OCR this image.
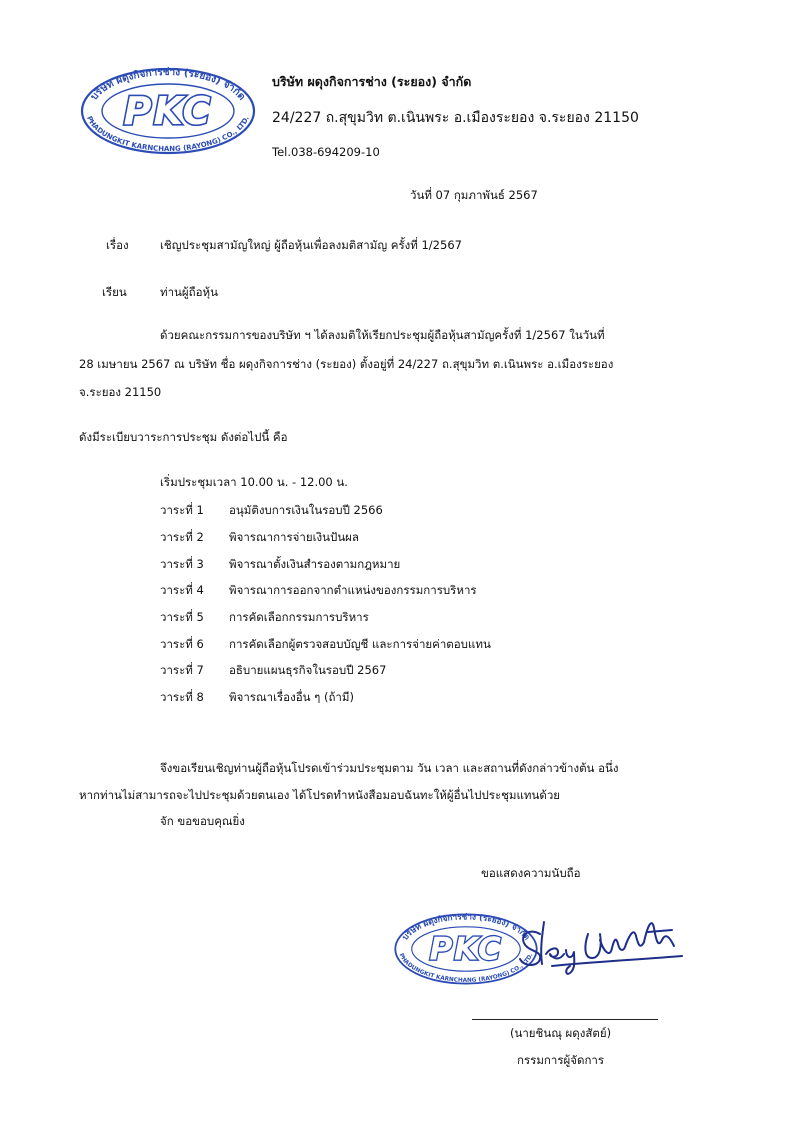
บริษัท ผดุงกิจการช่าง (ระยอง) จำกัด
PHADUNGKIT KARNCHANG (RAYONG) CO., LTD.
PKC
บริษัท ผดุงกิจการช่าง (ระยอง) จำกัด
24/227 ถ.สุขุมวิท ต.เนินพระ อ.เมืองระยอง จ.ระยอง 21150
Tel.038-694209-10
วันที่ 07 กุมภาพันธ์ 2567
เรื่อง	เชิญประชุมสามัญใหญ่ ผู้ถือหุ้นเพื่อลงมติสามัญ ครั้งที่ 1/2567
เรียน	ท่านผู้ถือหุ้น
ด้วยคณะกรรมการของบริษัท ฯ ได้ลงมติให้เรียกประชุมผู้ถือหุ้นสามัญครั้งที่ 1/2567 ในวันที่
28 เมษายน 2567 ณ บริษัท ชื่อ ผดุงกิจการช่าง (ระยอง) ตั้งอยู่ที่ 24/227 ถ.สุขุมวิท ต.เนินพระ อ.เมืองระยอง
จ.ระยอง 21150
ดังมีระเบียบวาระการประชุม ดังต่อไปนี้ คือ
เริ่มประชุมเวลา 10.00 น. - 12.00 น.
วาระที่ 1 อนุมัติงบการเงินในรอบปี 2566
วาระที่ 2 พิจารณาการจ่ายเงินปันผล
วาระที่ 3 พิจารณาตั้งเงินสำรองตามกฎหมาย
วาระที่ 4 พิจารณาการออกจากตำแหน่งของกรรมการบริหาร
วาระที่ 5 การคัดเลือกกรรมการบริหาร
วาระที่ 6 การคัดเลือกผู้ตรวจสอบบัญชี และการจ่ายค่าตอบแทน
วาระที่ 7 อธิบายแผนธุรกิจในรอบปี 2567
วาระที่ 8 พิจารณาเรื่องอื่น ๆ (ถ้ามี)
จึงขอเรียนเชิญท่านผู้ถือหุ้นโปรดเข้าร่วมประชุมตาม วัน เวลา และสถานที่ดังกล่าวข้างต้น อนึ่ง
หากท่านไม่สามารถจะไปประชุมด้วยตนเอง ได้โปรดทำหนังสือมอบฉันทะให้ผู้อื่นไปประชุมแทนด้วย
จัก ขอขอบคุณยิ่ง
ขอแสดงความนับถือ
บริษัท ผดุงกิจการช่าง (ระยอง) จำกัด
PHADUNGKIT KARNCHANG (RAYONG) CO., LTD.
PKC
(นายชินณุ ผดุงสัตย์)
กรรมการผู้จัดการ
